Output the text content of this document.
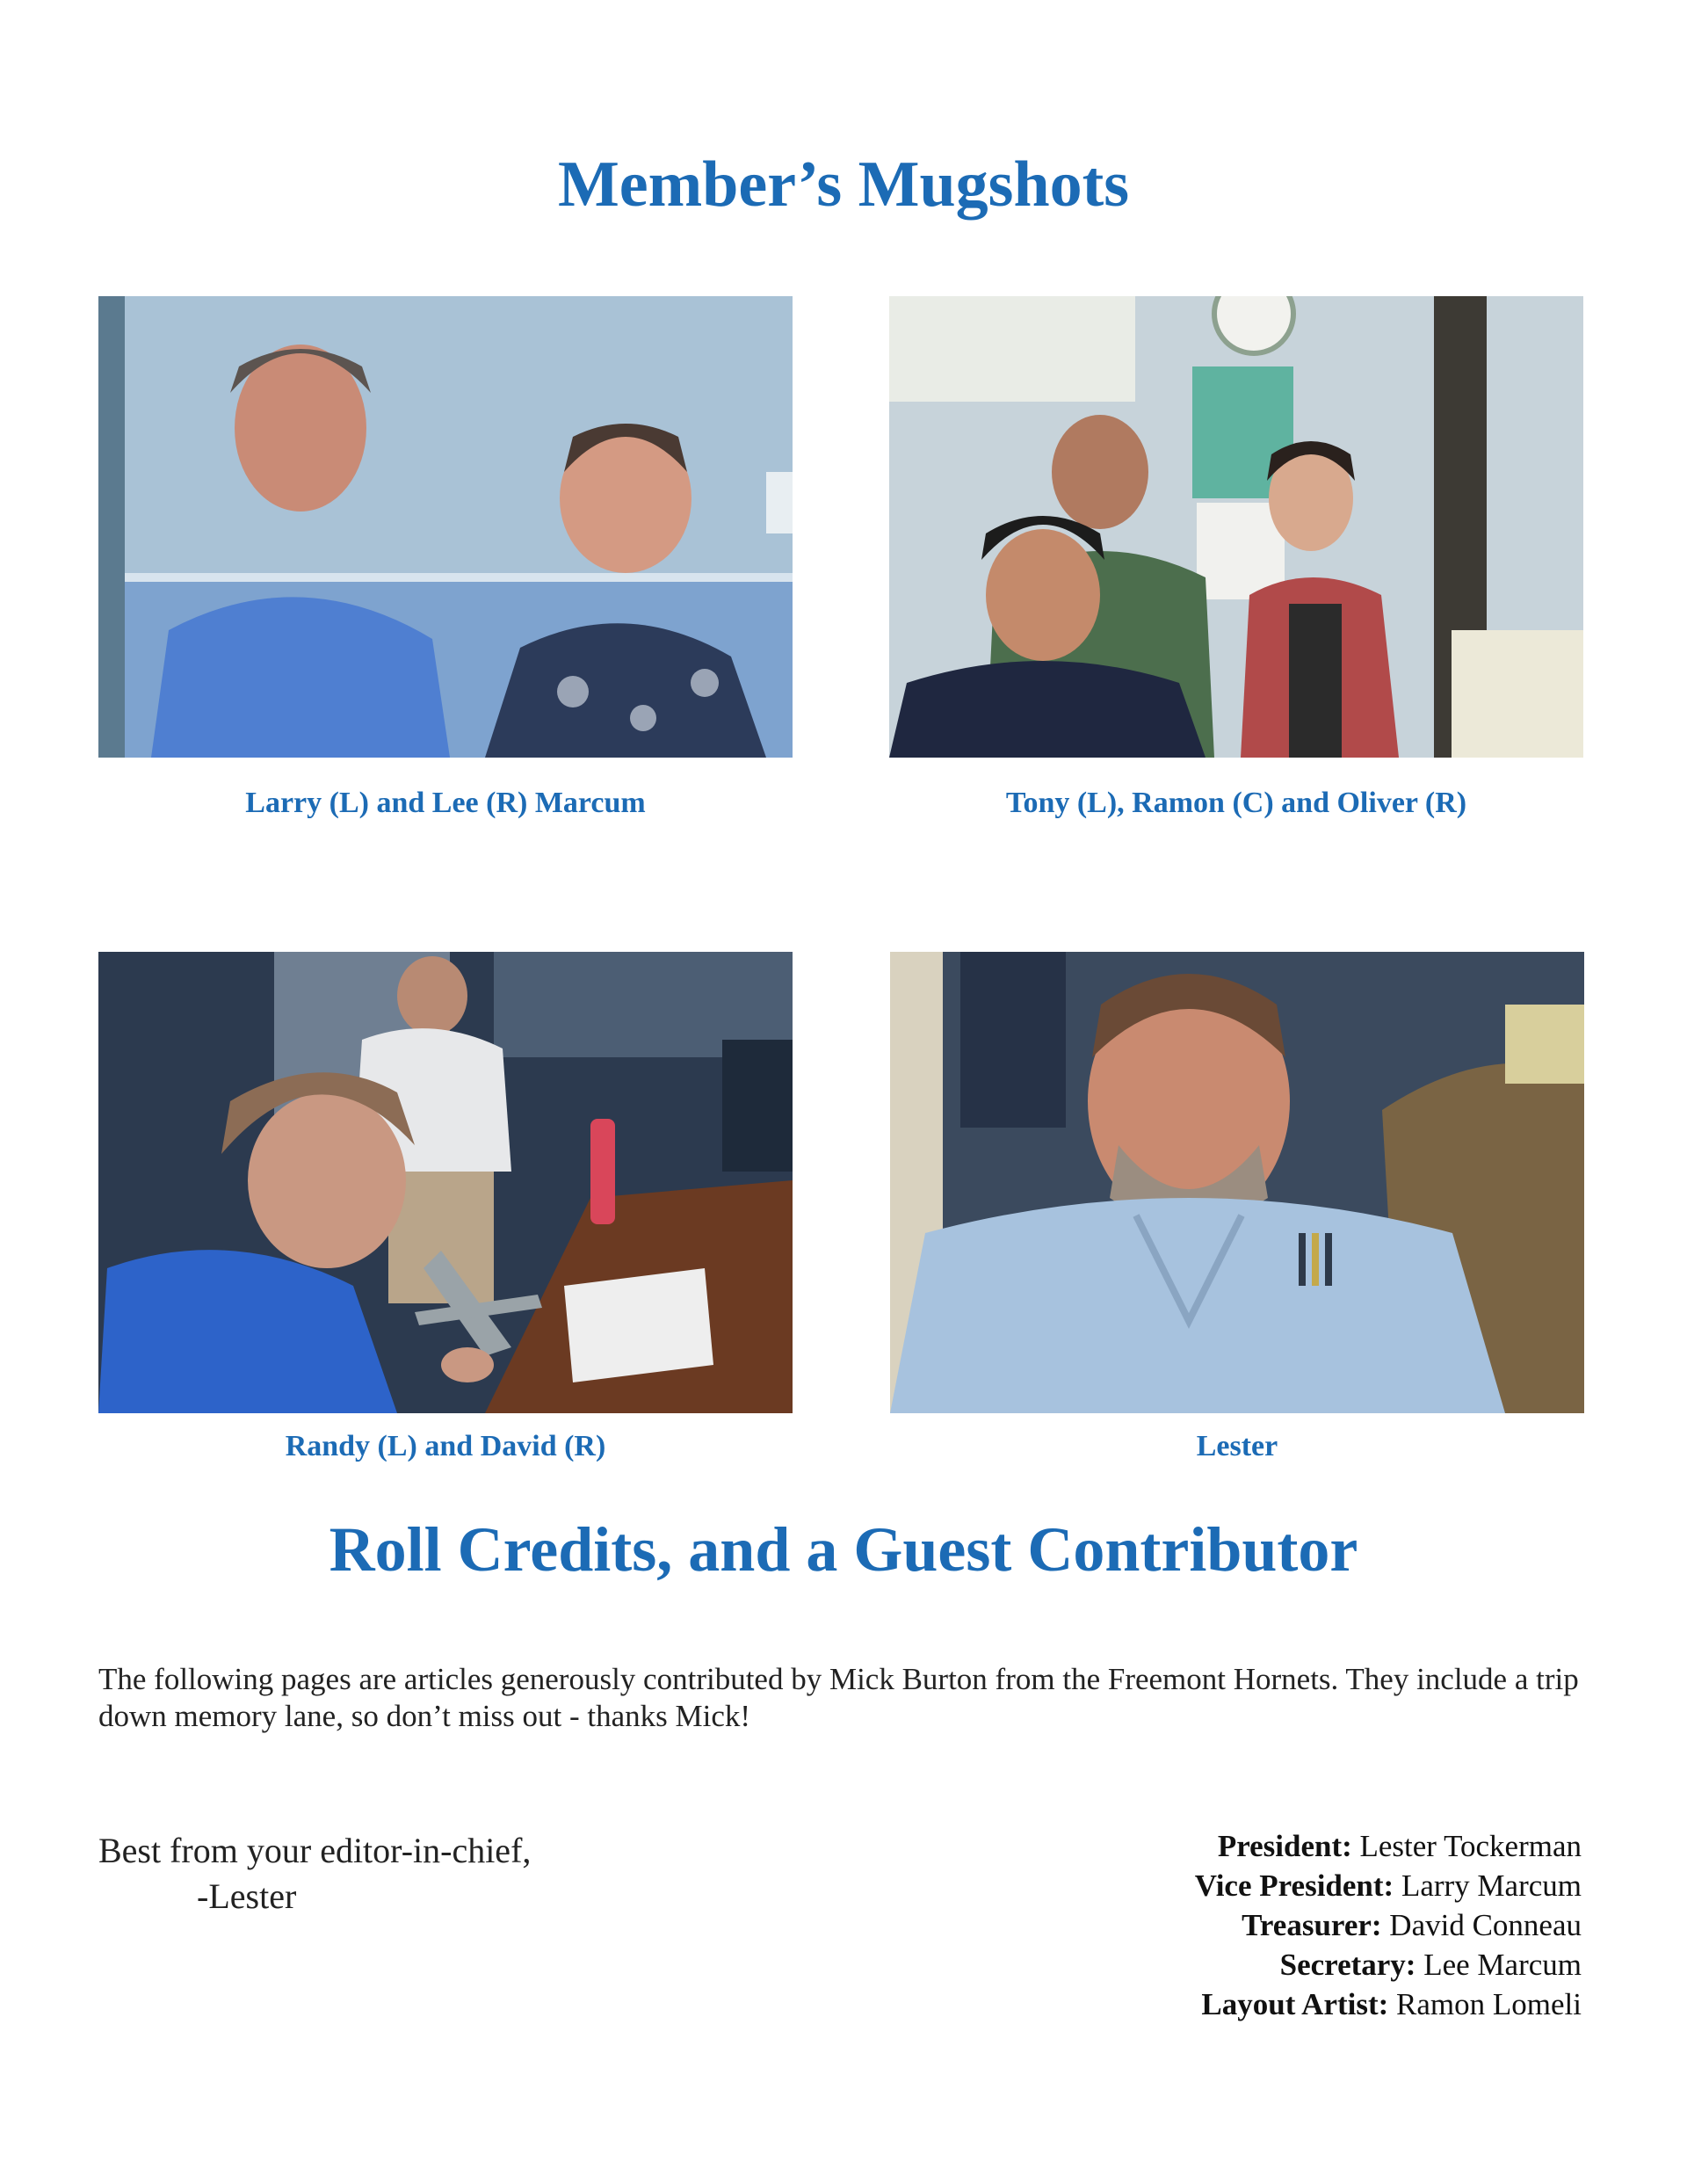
Member’s Mugshots
Larry (L) and Lee (R) Marcum	Tony (L), Ramon (C) and Oliver (R)
Randy (L) and David (R)	Lester
Roll Credits, and a Guest Contributor

The following pages are articles generously contributed by Mick Burton from the Freemont Hornets. They include a trip down memory lane, so don’t miss out - thanks Mick!

Best from your editor-in-chief,
-Lester
President: Lester Tockerman
Vice President: Larry Marcum
Treasurer: David Conneau
Secretary: Lee Marcum
Layout Artist: Ramon Lomeli
